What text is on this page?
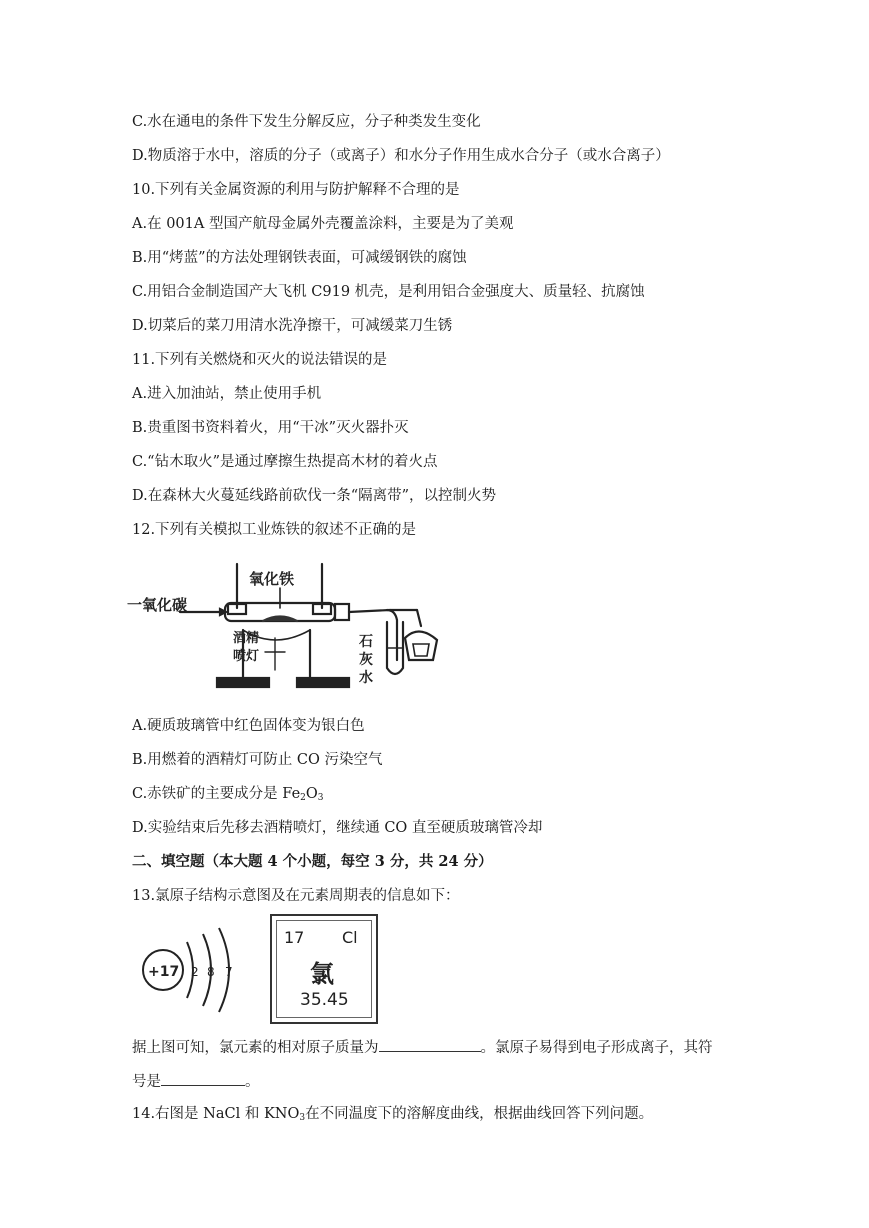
C.水在通电的条件下发生分解反应，分子种类发生变化
D.物质溶于水中，溶质的分子（或离子）和水分子作用生成水合分子（或水合离子）
10.下列有关金属资源的利用与防护解释不合理的是
A.在 001A 型国产航母金属外壳覆盖涂料，主要是为了美观
B.用“烤蓝”的方法处理钢铁表面，可减缓钢铁的腐蚀
C.用铝合金制造国产大飞机 C919 机壳，是利用铝合金强度大、质量轻、抗腐蚀
D.切菜后的菜刀用清水洗净擦干，可减缓菜刀生锈
11.下列有关燃烧和灭火的说法错误的是
A.进入加油站，禁止使用手机
B.贵重图书资料着火，用“干冰”灭火器扑灭
C.“钻木取火”是通过摩擦生热提高木材的着火点
D.在森林大火蔓延线路前砍伐一条“隔离带”，以控制火势
12.下列有关模拟工业炼铁的叙述不正确的是
一氧化碳
氧化铁
酒精
喷灯
石
灰
水
A.硬质玻璃管中红色固体变为银白色
B.用燃着的酒精灯可防止 CO 污染空气
C.赤铁矿的主要成分是 $Fe_2O_3$
D.实验结束后先移去酒精喷灯，继续通 CO 直至硬质玻璃管冷却
二、填空题（本大题 4 个小题，每空 3 分，共 24 分）
13.氯原子结构示意图及在元素周期表的信息如下：
+17 2 8 7
17 Cl
氯
35.45
据上图可知，氯元素的相对原子质量为	。氯原子易得到电子形成离子，其符
号是	。
14.右图是 NaCl 和 $KNO_3$在不同温度下的溶解度曲线，根据曲线回答下列问题。
